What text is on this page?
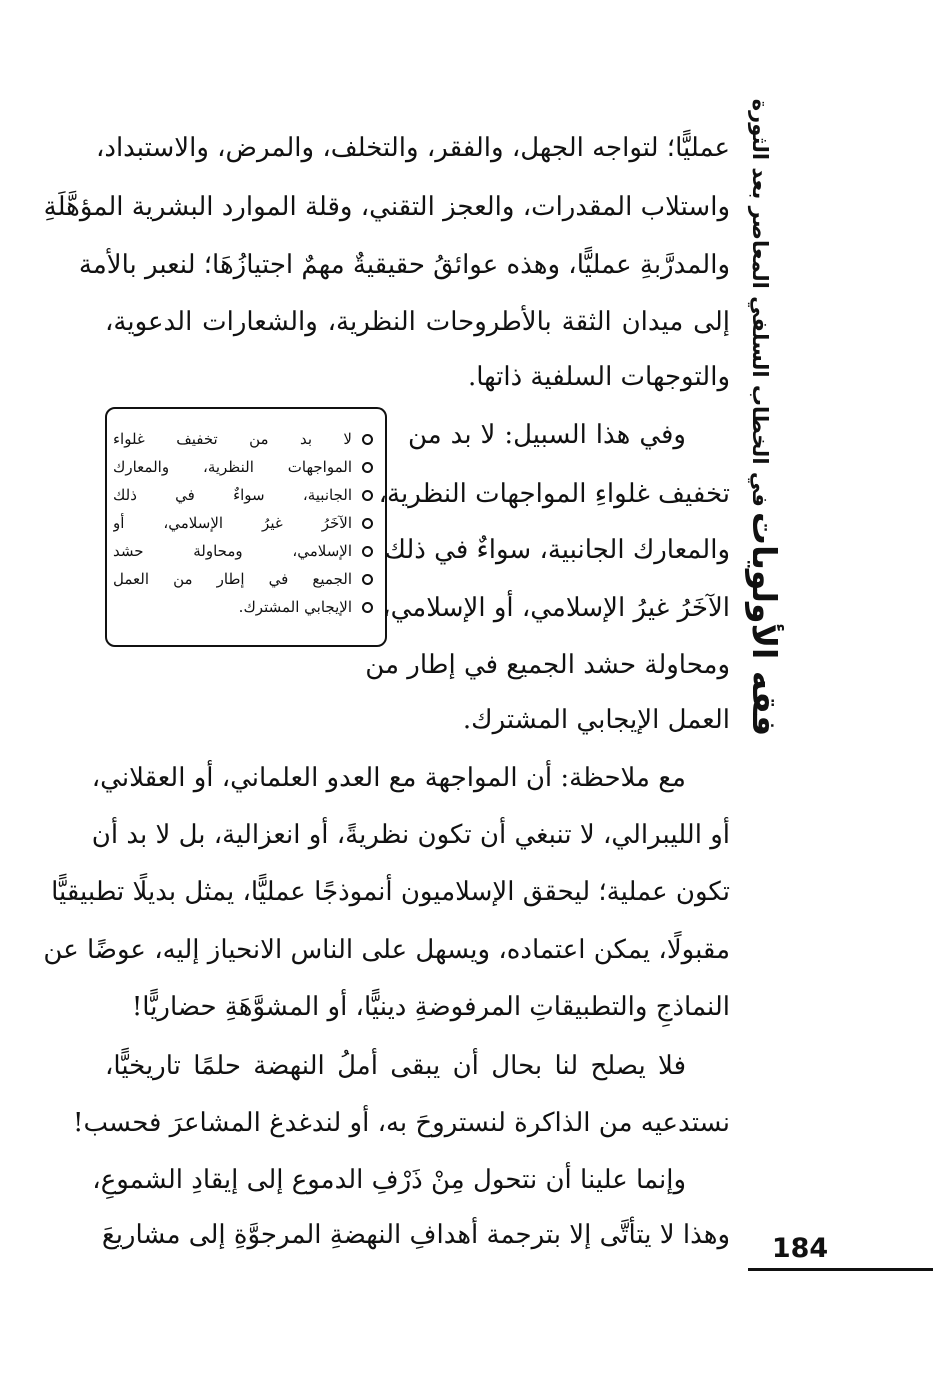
فقه الأولويات في الخطاب السلفي المعاصر بعد الثورة
عمليًّا؛ لتواجه الجهل، والفقر، والتخلف، والمرض، والاستبداد،
واستلاب المقدرات، والعجز التقني، وقلة الموارد البشرية المؤهَّلَةِ
والمدرَّبةِ عمليًّا، وهذه عوائقُ حقيقيةٌ مهمٌ اجتيازُهَا؛ لنعبر بالأمة
إلى ميدان الثقة بالأطروحات النظرية، والشعارات الدعوية،
والتوجهات السلفية ذاتها.
وفي هذا السبيل: لا بد من
تخفيف غلواءِ المواجهات النظرية،
والمعارك الجانبية، سواءٌ في ذلك
الآخَرُ غيرُ الإسلامي، أو الإسلامي،
ومحاولة حشد الجميع في إطار من
العمل الإيجابي المشترك.
لا بد من تخفيف غلواء
المواجهات النظرية، والمعارك
الجانبية، سواءٌ في ذلك
الآخَرُ غيرُ الإسلامي، أو
الإسلامي، ومحاولة حشد
الجميع في إطار من العمل
الإيجابي المشترك.
مع ملاحظة: أن المواجهة مع العدو العلماني، أو العقلاني،
أو الليبرالي، لا تنبغي أن تكون نظريةً، أو انعزالية، بل لا بد أن
تكون عملية؛ ليحقق الإسلاميون أنموذجًا عمليًّا، يمثل بديلًا تطبيقيًّا
مقبولًا، يمكن اعتماده، ويسهل على الناس الانحياز إليه، عوضًا عن
النماذجِ والتطبيقاتِ المرفوضةِ دينيًّا، أو المشوَّهَةِ حضاريًّا!
فلا يصلح لنا بحال أن يبقى أملُ النهضة حلمًا تاريخيًّا،
نستدعيه من الذاكرة لنستروحَ به، أو لندغدغ المشاعرَ فحسب!
وإنما علينا أن نتحول مِنْ ذَرْفِ الدموع إلى إيقادِ الشموعِ،
وهذا لا يتأتَّى إلا بترجمة أهدافِ النهضةِ المرجوَّةِ إلى مشاريعَ	184
